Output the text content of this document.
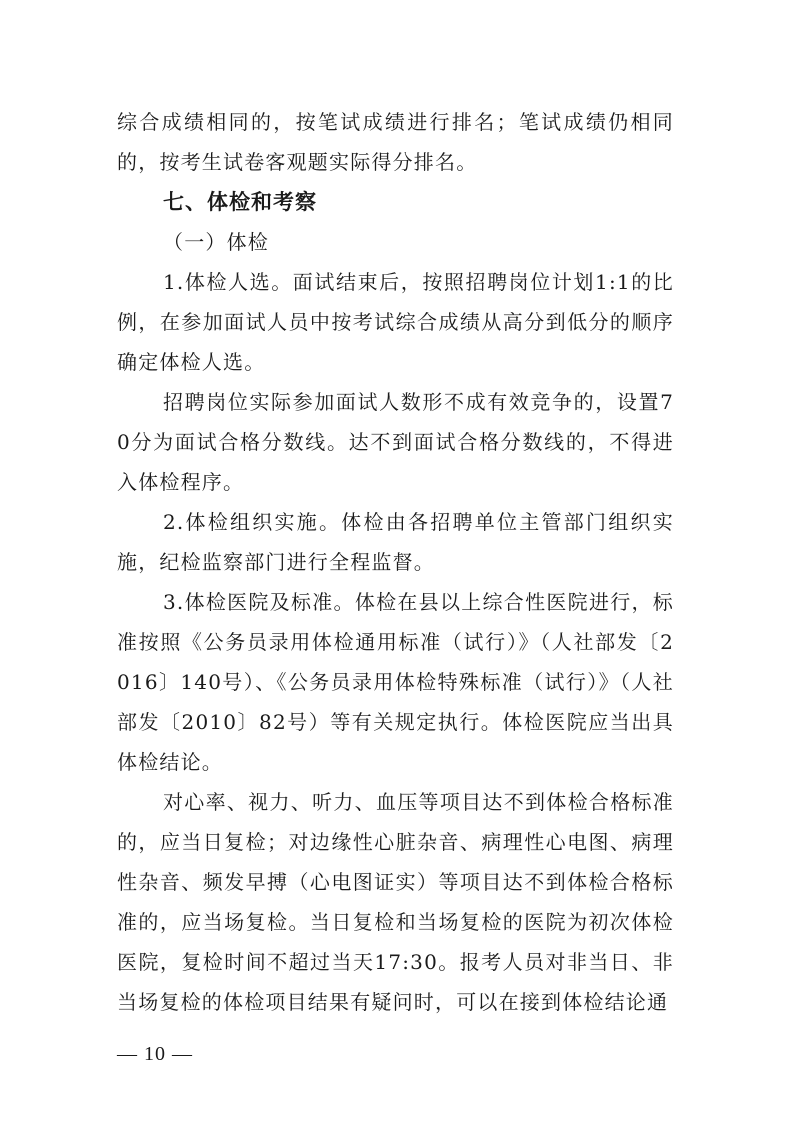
综合成绩相同的，按笔试成绩进行排名；笔试成绩仍相同的，按考生试卷客观题实际得分排名。

七、体检和考察

（一）体检

1.体检人选。面试结束后，按照招聘岗位计划1:1的比例，在参加面试人员中按考试综合成绩从高分到低分的顺序确定体检人选。

招聘岗位实际参加面试人数形不成有效竞争的，设置70分为面试合格分数线。达不到面试合格分数线的，不得进入体检程序。

2.体检组织实施。体检由各招聘单位主管部门组织实施，纪检监察部门进行全程监督。

3.体检医院及标准。体检在县以上综合性医院进行，标准按照《公务员录用体检通用标准（试行）》（人社部发〔2016〕140号）、《公务员录用体检特殊标准（试行）》（人社部发〔2010〕82号）等有关规定执行。体检医院应当出具体检结论。

对心率、视力、听力、血压等项目达不到体检合格标准的，应当日复检；对边缘性心脏杂音、病理性心电图、病理性杂音、频发早搏（心电图证实）等项目达不到体检合格标准的，应当场复检。当日复检和当场复检的医院为初次体检医院，复检时间不超过当天17:30。报考人员对非当日、非当场复检的体检项目结果有疑问时，可以在接到体检结论通

— 10 —
